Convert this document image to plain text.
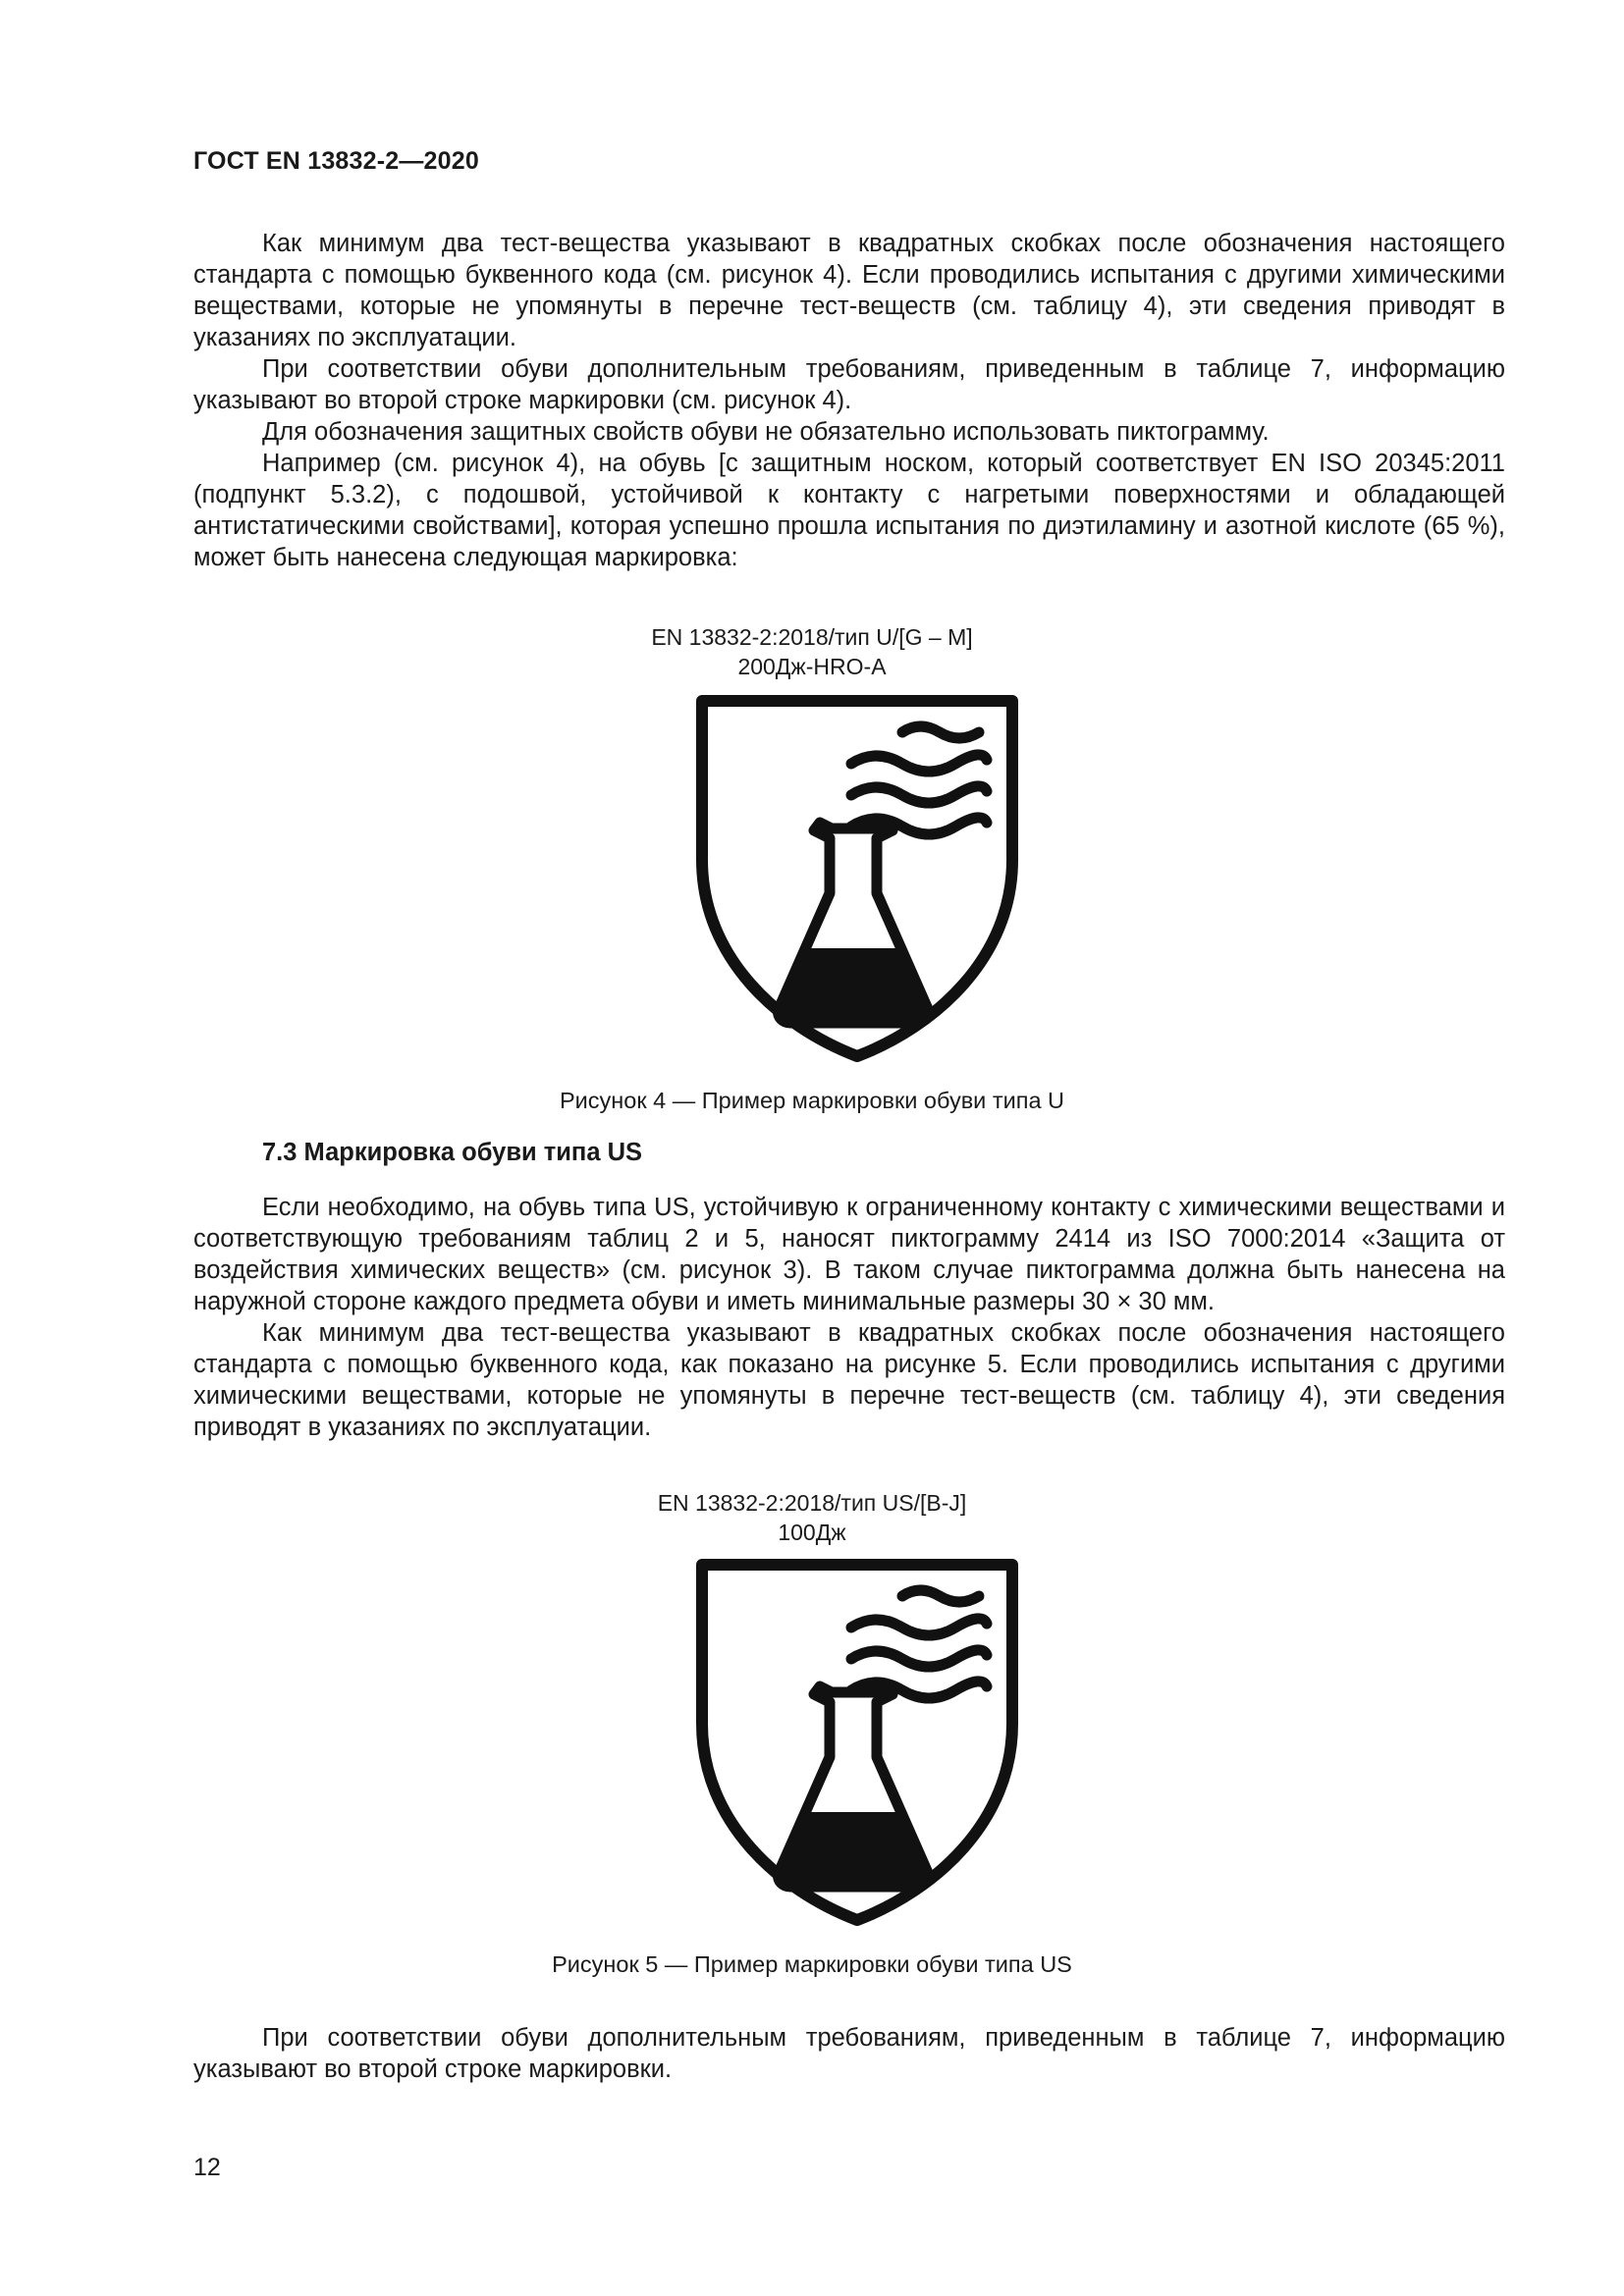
ГОСТ EN 13832-2—2020

Как минимум два тест-вещества указывают в квадратных скобках после обозначения настоящего стандарта с помощью буквенного кода (см. рисунок 4). Если проводились испытания с другими химическими веществами, которые не упомянуты в перечне тест-веществ (см. таблицу 4), эти сведения приводят в указаниях по эксплуатации.

При соответствии обуви дополнительным требованиям, приведенным в таблице 7, информацию указывают во второй строке маркировки (см. рисунок 4).

Для обозначения защитных свойств обуви не обязательно использовать пиктограмму.

Например (см. рисунок 4), на обувь [с защитным носком, который соответствует EN ISO 20345:2011 (подпункт 5.3.2), с подошвой, устойчивой к контакту с нагретыми поверхностями и обладающей антистатическими свойствами], которая успешно прошла испытания по диэтиламину и азотной кислоте (65 %), может быть нанесена следующая маркировка:

EN 13832-2:2018/тип U/[G – M]
200Дж-HRO-A
Рисунок 4 — Пример маркировки обуви типа U
7.3 Маркировка обуви типа US

Если необходимо, на обувь типа US, устойчивую к ограниченному контакту с химическими веществами и соответствующую требованиям таблиц 2 и 5, наносят пиктограмму 2414 из ISO 7000:2014 «Защита от воздействия химических веществ» (см. рисунок 3). В таком случае пиктограмма должна быть нанесена на наружной стороне каждого предмета обуви и иметь минимальные размеры 30 × 30 мм.

Как минимум два тест-вещества указывают в квадратных скобках после обозначения настоящего стандарта с помощью буквенного кода, как показано на рисунке 5. Если проводились испытания с другими химическими веществами, которые не упомянуты в перечне тест-веществ (см. таблицу 4), эти сведения приводят в указаниях по эксплуатации.

EN 13832-2:2018/тип US/[B-J]
100Дж
Рисунок 5 — Пример маркировки обуви типа US

При соответствии обуви дополнительным требованиям, приведенным в таблице 7, информацию указывают во второй строке маркировки.

12
